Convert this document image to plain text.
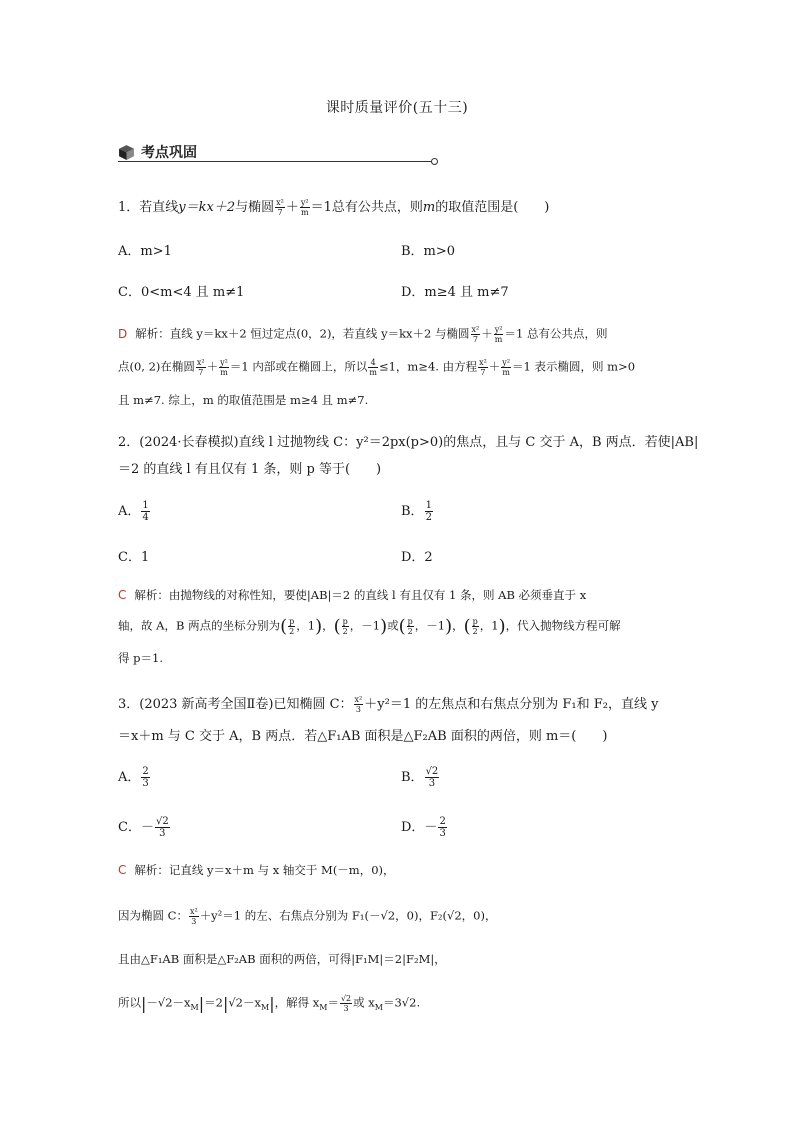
课时质量评价(五十三)
考点巩固
1．若直线y＝kx＋2与椭圆 $\frac{\text{x²}}{7} + \frac{\text{y²}}{m} =1$总有公共点，则m的取值范围是(　　)
A．m>1	B．m>0
C．0<m<4 且 m≠1	D．m≥4 且 m≠7
D 解析：直线 y＝kx＋2 恒过定点(0，2)，若直线 y＝kx＋2 与椭圆 $\frac{\text{x²}}{7} + \frac{\text{y²}}{m} =1$ 总有公共点，则
点(0, 2)在椭圆 $\frac{\text{x²}}{7} + \frac{\text{y²}}{m} =1$ 内部或在椭圆上，所以 $\frac{4}{m} \le 1$，m≥4. 由方程 $\frac{\text{x²}}{7} + \frac{\text{y²}}{m} =1$ 表示椭圆，则 m>0
且 m≠7. 综上，m 的取值范围是 m≥4 且 m≠7.
2．(2024·长春模拟)直线 l 过抛物线 C：y²＝2px(p>0)的焦点，且与 C 交于 A，B 两点．若使|AB|
＝2 的直线 l 有且仅有 1 条，则 p 等于(　　)
A． $\frac{1}{4}$	B． $\frac{1}{2}$
C．1	D．2
C 解析：由抛物线的对称性知，要使|AB|＝2 的直线 l 有且仅有 1 条，则 AB 必须垂直于 x
轴，故 A，B 两点的坐标分别为( $\frac{p}{2}$ ，1)，( $\frac{p}{2}$ ，－1)或( $\frac{p}{2}$ ，－1)，( $\frac{p}{2}$ ，1)，代入抛物线方程可解
得 p＝1.
3．(2023 新高考全国Ⅱ卷)已知椭圆 C： $\frac{\text{x²}}{3} +y^2=1$ 的左焦点和右焦点分别为 F₁和 F₂，直线 y
＝x＋m 与 C 交于 A，B 两点．若△F₁AB 面积是△F₂AB 面积的两倍，则 m＝(　　)
A． $\frac{2}{3}$	B． $\frac{√2}{3}$
C．－ $\frac{√2}{3}$	D．－ $\frac{2}{3}$
C 解析：记直线 y＝x＋m 与 x 轴交于 M(－m，0)，
因为椭圆 C： $\frac{\text{x²}}{3} +y^2=1$ 的左、右焦点分别为 F₁(－√2，0)，F₂(√2，0)，
且由△F₁AB 面积是△F₂AB 面积的两倍，可得|F₁M|＝2|F₂M|，
所以$|-√2-x_M|=2|√2-x_M|$，解得 $x_M= \frac{√2}{3}$ 或 $x_M=3√2$.
